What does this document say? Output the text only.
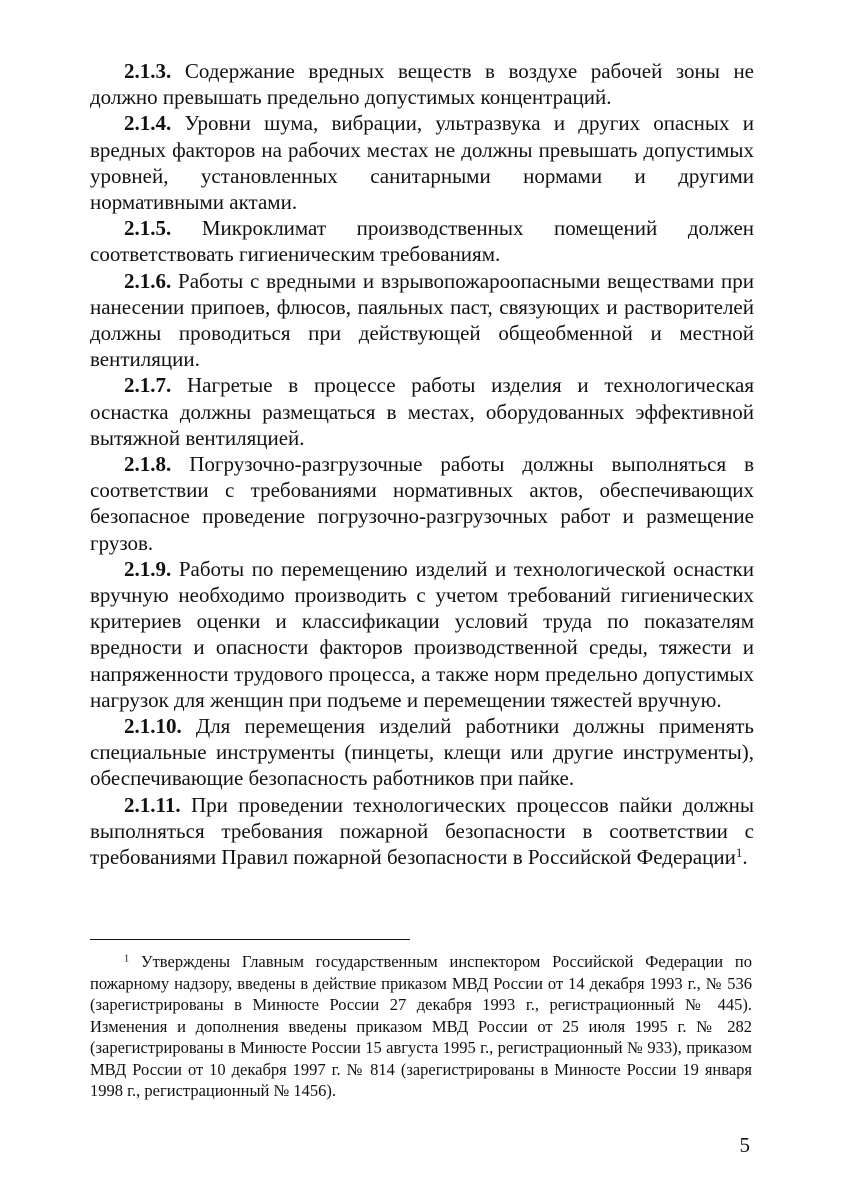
2.1.3. Содержание вредных веществ в воздухе рабочей зоны не должно превышать предельно допустимых концентраций.

2.1.4. Уровни шума, вибрации, ультразвука и других опасных и вредных факторов на рабочих местах не должны превышать допустимых уровней, установленных санитарными нормами и другими нормативными актами.

2.1.5. Микроклимат производственных помещений должен соответствовать гигиеническим требованиям.

2.1.6. Работы с вредными и взрывопожароопасными веществами при нанесении припоев, флюсов, паяльных паст, связующих и растворителей должны проводиться при действующей общеобменной и местной вентиляции.

2.1.7. Нагретые в процессе работы изделия и технологическая оснастка должны размещаться в местах, оборудованных эффективной вытяжной вентиляцией.

2.1.8. Погрузочно-разгрузочные работы должны выполняться в соответствии с требованиями нормативных актов, обеспечивающих безопасное проведение погрузочно-разгрузочных работ и размещение грузов.

2.1.9. Работы по перемещению изделий и технологической оснастки вручную необходимо производить с учетом требований гигиенических критериев оценки и классификации условий труда по показателям вредности и опасности факторов производственной среды, тяжести и напряженности трудового процесса, а также норм предельно допустимых нагрузок для женщин при подъеме и перемещении тяжестей вручную.

2.1.10. Для перемещения изделий работники должны применять специальные инструменты (пинцеты, клещи или другие инструменты), обеспечивающие безопасность работников при пайке.

2.1.11. При проведении технологических процессов пайки должны выполняться требования пожарной безопасности в соответствии с требованиями Правил пожарной безопасности в Российской Федерации$^1$.

$^1$ Утверждены Главным государственным инспектором Российской Федерации по пожарному надзору, введены в действие приказом МВД России от 14 декабря 1993 г., № 536 (зарегистрированы в Минюсте России 27 декабря 1993 г., регистрационный № 445). Изменения и дополнения введены приказом МВД России от 25 июля 1995 г. № 282 (зарегистрированы в Минюсте России 15 августа 1995 г., регистрационный № 933), приказом МВД России от 10 декабря 1997 г. № 814 (зарегистрированы в Минюсте России 19 января 1998 г., регистрационный № 1456).

5
